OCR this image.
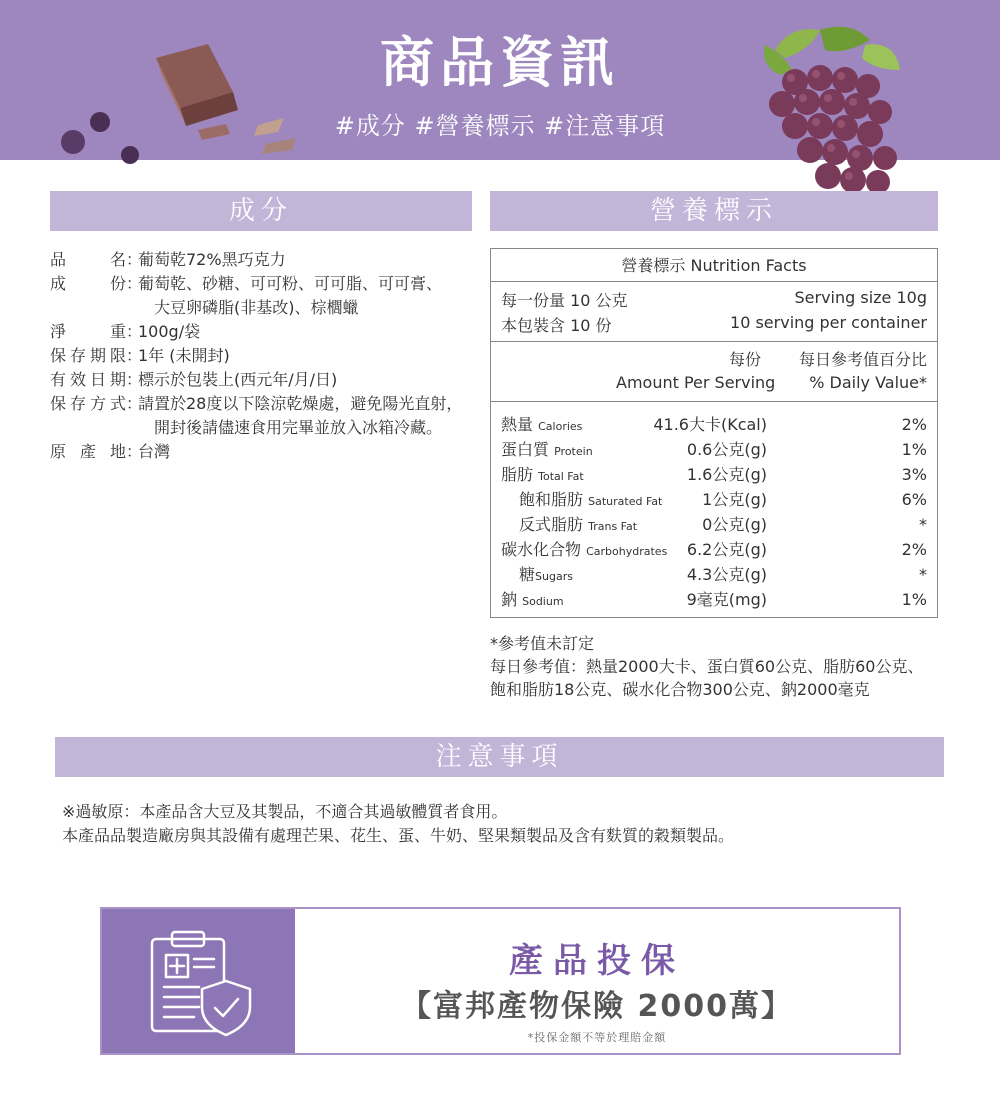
商品資訊
#成分 #營養標示 #注意事項
成分	營養標示
品名 ：
葡萄乾72%黑巧克力
成份 ：
葡萄乾、砂糖、可可粉、可可脂、可可膏、
大豆卵磷脂(非基改)、棕櫚蠟
淨重 ：
100g/袋
保存期限 ：
1年 (未開封)
有效日期 ：
標示於包裝上(西元年/月/日)
保存方式 ：
請置於28度以下陰涼乾燥處，避免陽光直射，
開封後請儘速食用完畢並放入冰箱冷藏。
原產地 ：
台灣
營養標示 Nutrition Facts
每一份量 10 公克
本包裝含 10 份
Serving size 10g
10 serving per container
每份 每日參考值百分比
Amount Per Serving % Daily Value*
熱量 Calories	41.6大卡(Kcal)	2%
蛋白質 Protein	0.6公克(g)	1%
脂肪 Total Fat	1.6公克(g)	3%
飽和脂肪 Saturated Fat 1公克(g)	6%
反式脂肪 Trans Fat	0公克(g)	*
碳水化合物 Carbohydrates 6.2公克(g)	2%
糖Sugars	4.3公克(g)	*
鈉 Sodium	9毫克(mg)	1%
*參考值未訂定
每日參考值：熱量2000大卡、蛋白質60公克、脂肪60公克、
飽和脂肪18公克、碳水化合物300公克、鈉2000毫克
注意事項
※過敏原：本產品含大豆及其製品，不適合其過敏體質者食用。
本產品品製造廠房與其設備有處理芒果、花生、蛋、牛奶、堅果類製品及含有麩質的穀類製品。
產品投保
【富邦產物保險 2000萬】
*投保金額不等於理賠金額
